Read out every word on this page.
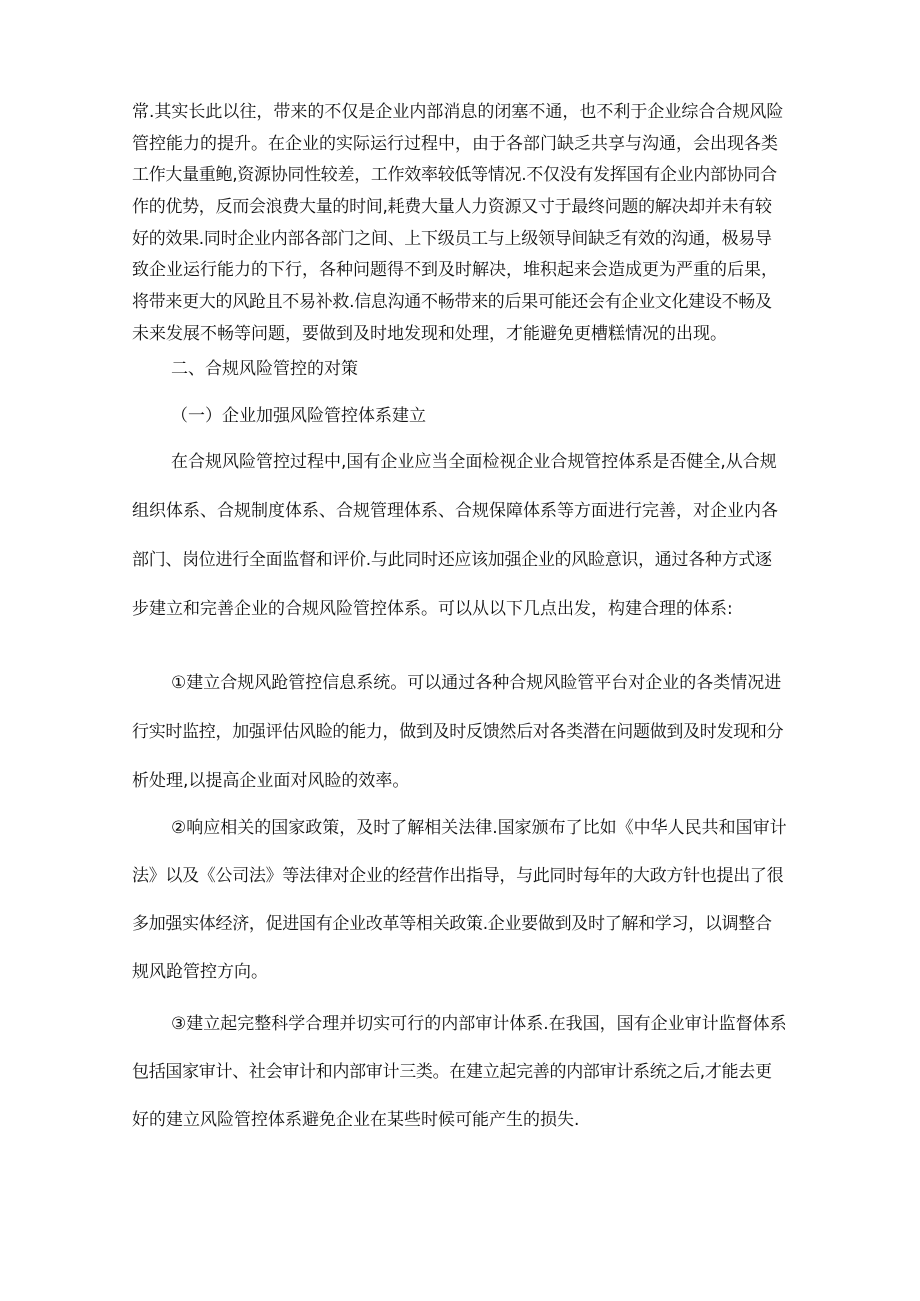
常.其实长此以往，带来的不仅是企业内部消息的闭塞不通，也不利于企业综合合规风险
管控能力的提升。在企业的实际运行过程中，由于各部门缺乏共享与沟通，会出现各类
工作大量重鲍,资源协同性较差，工作效率较低等情况.不仅没有发挥国有企业内部协同合
作的优势，反而会浪费大量的时间,耗费大量人力资源又寸于最终问题的解决却并未有较
好的效果.同时企业内部各部门之间、上下级员工与上级领导间缺乏有效的沟通，极易导
致企业运行能力的下行，各种问题得不到及时解决，堆积起来会造成更为严重的后果，
将带来更大的风跄且不易补救.信息沟通不畅带来的后果可能还会有企业文化建设不畅及
未来发展不畅等问题，要做到及时地发现和处理，才能避免更槽糕情况的出现。
二、合规风险管控的对策
（一）企业加强风险管控体系建立
在合规风险管控过程中,国有企业应当全面检视企业合规管控体系是否健全,从合规
组织体系、合规制度体系、合规管理体系、合规保障体系等方面进行完善，对企业内各
部门、岗位进行全面监督和评价.与此同时还应该加强企业的风睑意识，通过各种方式逐
步建立和完善企业的合规风险管控体系。可以从以下几点出发，构建合理的体系:
①建立合规风跄管控信息系统。可以通过各种合规风睑管平台对企业的各类情况进
行实时监控，加强评估风睑的能力，做到及时反馈然后对各类潜在问题做到及时发现和分
析处理,以提高企业面对风睑的效率。
②响应相关的国家政策，及时了解相关法律.国家颁布了比如《中华人民共和国审计
法》以及《公司法》等法律对企业的经营作出指导，与此同时每年的大政方针也提出了很
多加强实体经济，促进国有企业改革等相关政策.企业要做到及时了解和学习，以调整合
规风跄管控方向。
③建立起完整科学合理并切实可行的内部审计体系.在我国，国有企业审计监督体系
包括国家审计、社会审计和内部审计三类。在建立起完善的内部审计系统之后,才能去更
好的建立风险管控体系避免企业在某些时候可能产生的损失.
